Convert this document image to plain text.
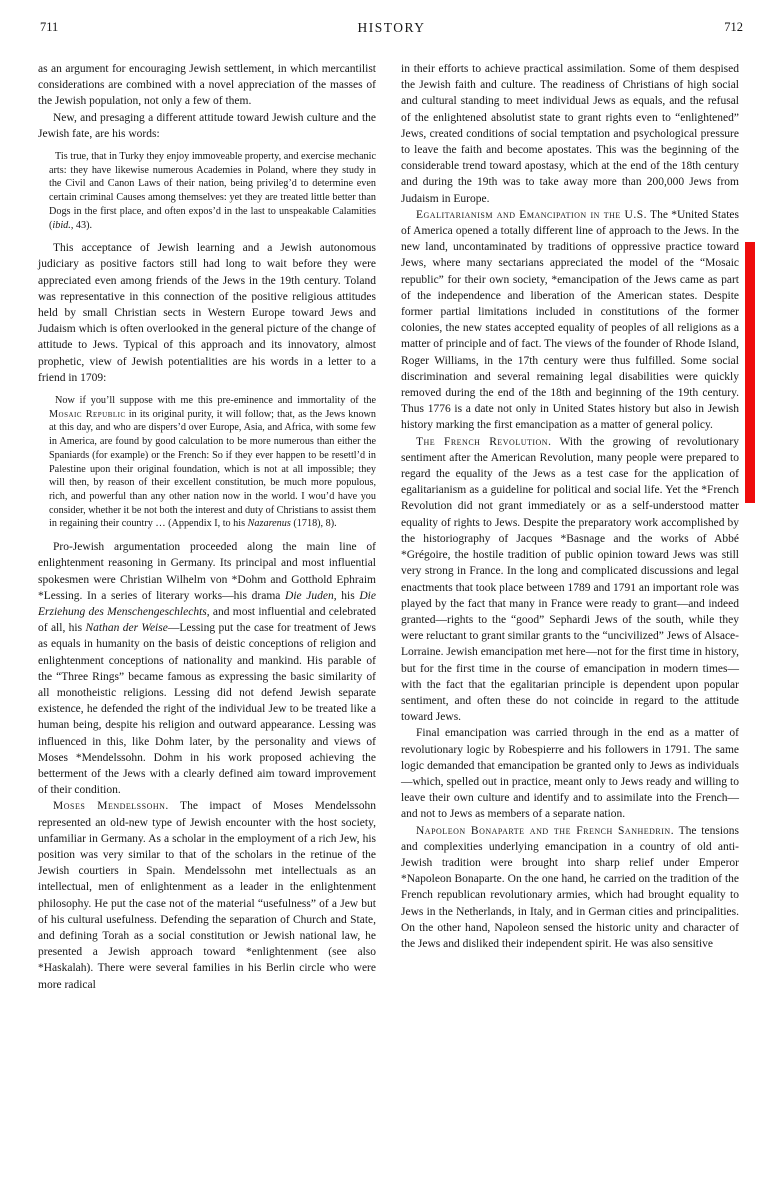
711	HISTORY	712

as an argument for encouraging Jewish settlement, in which mercantilist considerations are combined with a novel appreciation of the masses of the Jewish population, not only a few of them.

New, and presaging a different attitude toward Jewish culture and the Jewish fate, are his words:

Tis true, that in Turky they enjoy immoveable property, and exercise mechanic arts: they have likewise numerous Academies in Poland, where they study in the Civil and Canon Laws of their nation, being privileg’d to determine even certain criminal Causes among themselves: yet they are treated little better than Dogs in the first place, and often expos’d in the last to unspeakable Calamities (ibid., 43).

This acceptance of Jewish learning and a Jewish autonomous judiciary as positive factors still had long to wait before they were appreciated even among friends of the Jews in the 19th century. Toland was representative in this connection of the positive religious attitudes held by small Christian sects in Western Europe toward Jews and Judaism which is often overlooked in the general picture of the change of attitude to Jews. Typical of this approach and its innovatory, almost prophetic, view of Jewish potentialities are his words in a letter to a friend in 1709:

Now if you’ll suppose with me this pre-eminence and immortality of the Mosaic Republic in its original purity, it will follow; that, as the Jews known at this day, and who are dispers’d over Europe, Asia, and Africa, with some few in America, are found by good calculation to be more numerous than either the Spaniards (for example) or the French: So if they ever happen to be resettl’d in Palestine upon their original foundation, which is not at all impossible; they will then, by reason of their excellent constitution, be much more populous, rich, and powerful than any other nation now in the world. I wou’d have you consider, whether it be not both the interest and duty of Christians to assist them in regaining their country … (Appendix I, to his Nazarenus (1718), 8).

Pro-Jewish argumentation proceeded along the main line of enlightenment reasoning in Germany. Its principal and most influential spokesmen were Christian Wilhelm von *Dohm and Gotthold Ephraim *Lessing. In a series of literary works—his drama Die Juden, his Die Erziehung des Menschengeschlechts, and most influential and celebrated of all, his Nathan der Weise—Lessing put the case for treatment of Jews as equals in humanity on the basis of deistic conceptions of religion and enlightenment conceptions of nationality and mankind. His parable of the “Three Rings” became famous as expressing the basic similarity of all monotheistic religions. Lessing did not defend Jewish separate existence, he defended the right of the individual Jew to be treated like a human being, despite his religion and outward appearance. Lessing was influenced in this, like Dohm later, by the personality and views of Moses *Mendelssohn. Dohm in his work proposed achieving the betterment of the Jews with a clearly defined aim toward improvement of their condition.

Moses Mendelssohn. The impact of Moses Mendelssohn represented an old-new type of Jewish encounter with the host society, unfamiliar in Germany. As a scholar in the employment of a rich Jew, his position was very similar to that of the scholars in the retinue of the Jewish courtiers in Spain. Mendelssohn met intellectuals as an intellectual, men of enlightenment as a leader in the enlightenment philosophy. He put the case not of the material “usefulness” of a Jew but of his cultural usefulness. Defending the separation of Church and State, and defining Torah as a social constitution or Jewish national law, he presented a Jewish approach toward *enlightenment (see also *Haskalah). There were several families in his Berlin circle who were more radical

in their efforts to achieve practical assimilation. Some of them despised the Jewish faith and culture. The readiness of Christians of high social and cultural standing to meet individual Jews as equals, and the refusal of the enlightened absolutist state to grant rights even to “enlightened” Jews, created conditions of social temptation and psychological pressure to leave the faith and become apostates. This was the beginning of the considerable trend toward apostasy, which at the end of the 18th century and during the 19th was to take away more than 200,000 Jews from Judaism in Europe.

Egalitarianism and Emancipation in the U.S. The *United States of America opened a totally different line of approach to the Jews. In the new land, uncontaminated by traditions of oppressive practice toward Jews, where many sectarians appreciated the model of the “Mosaic republic” for their own society, *emancipation of the Jews came as part of the independence and liberation of the American states. Despite former partial limitations included in constitutions of the former colonies, the new states accepted equality of peoples of all religions as a matter of principle and of fact. The views of the founder of Rhode Island, Roger Williams, in the 17th century were thus fulfilled. Some social discrimination and several remaining legal disabilities were quickly removed during the end of the 18th and beginning of the 19th century. Thus 1776 is a date not only in United States history but also in Jewish history marking the first emancipation as a matter of general policy.

The French Revolution. With the growing of revolutionary sentiment after the American Revolution, many people were prepared to regard the equality of the Jews as a test case for the application of egalitarianism as a guideline for political and social life. Yet the *French Revolution did not grant immediately or as a self-understood matter equality of rights to Jews. Despite the preparatory work accomplished by the historiography of Jacques *Basnage and the works of Abbé *Grégoire, the hostile tradition of public opinion toward Jews was still very strong in France. In the long and complicated discussions and legal enactments that took place between 1789 and 1791 an important role was played by the fact that many in France were ready to grant—and indeed granted—rights to the “good” Sephardi Jews of the south, while they were reluctant to grant similar grants to the “uncivilized” Jews of Alsace-Lorraine. Jewish emancipation met here—not for the first time in history, but for the first time in the course of emancipation in modern times—with the fact that the egalitarian principle is dependent upon popular sentiment, and often these do not coincide in regard to the attitude toward Jews.

Final emancipation was carried through in the end as a matter of revolutionary logic by Robespierre and his followers in 1791. The same logic demanded that emancipation be granted only to Jews as individuals—which, spelled out in practice, meant only to Jews ready and willing to leave their own culture and identify and to assimilate into the French—and not to Jews as members of a separate nation.

Napoleon Bonaparte and the French Sanhedrin. The tensions and complexities underlying emancipation in a country of old anti-Jewish tradition were brought into sharp relief under Emperor *Napoleon Bonaparte. On the one hand, he carried on the tradition of the French republican revolutionary armies, which had brought equality to Jews in the Netherlands, in Italy, and in German cities and principalities. On the other hand, Napoleon sensed the historic unity and character of the Jews and disliked their independent spirit. He was also sensitive
